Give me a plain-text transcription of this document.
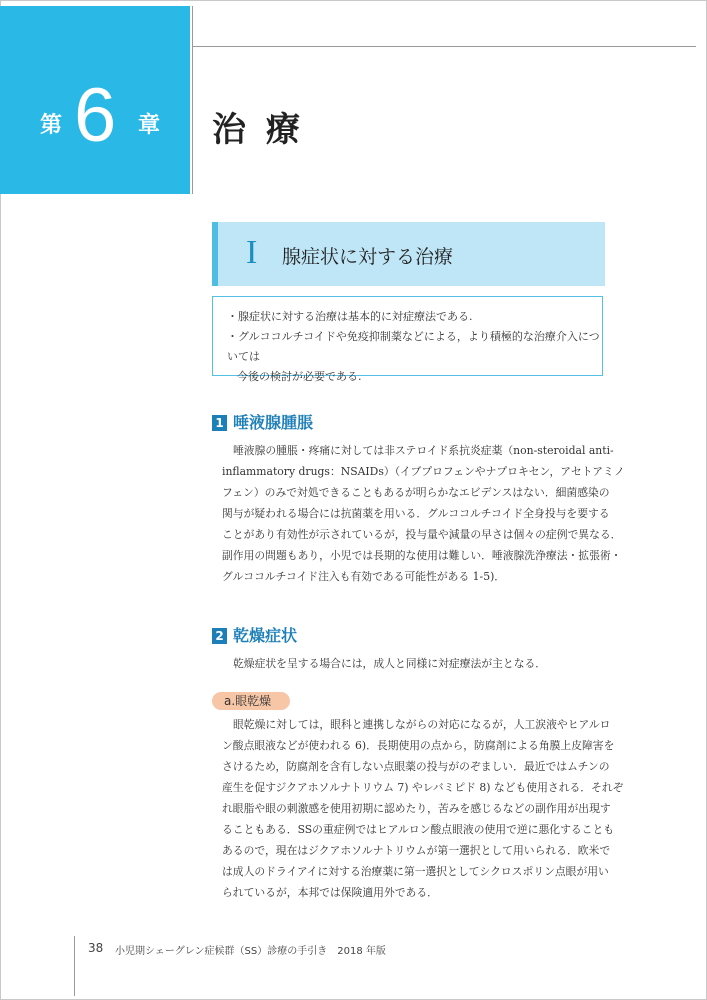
第 6 章 治 療
I 腺症状に対する治療

・腺症状に対する治療は基本的に対症療法である.

・グルココルチコイドや免疫抑制薬などによる，より積極的な治療介入については

今後の検討が必要である.

1 唾液腺腫脹

唾液腺の腫脹・疼痛に対しては非ステロイド系抗炎症薬（non-steroidal anti-

inflammatory drugs：NSAIDs）（イブプロフェンやナプロキセン，アセトアミノ

フェン）のみで対処できることもあるが明らかなエビデンスはない．細菌感染の

関与が疑われる場合には抗菌薬を用いる．グルココルチコイド全身投与を要する

ことがあり有効性が示されているが，投与量や減量の早さは個々の症例で異なる．

副作用の問題もあり，小児では長期的な使用は難しい．唾液腺洗浄療法・拡張術・

グルココルチコイド注入も有効である可能性がある 1-5)．

2 乾燥症状

乾燥症状を呈する場合には，成人と同様に対症療法が主となる．

a.眼乾燥

眼乾燥に対しては，眼科と連携しながらの対応になるが，人工涙液やヒアルロ

ン酸点眼液などが使われる 6)．長期使用の点から，防腐剤による角膜上皮障害を

さけるため，防腐剤を含有しない点眼薬の投与がのぞましい．最近ではムチンの

産生を促すジクアホソルナトリウム 7) やレバミピド 8) なども使用される．それぞ

れ眼脂や眼の刺激感を使用初期に認めたり，苦みを感じるなどの副作用が出現す

ることもある．SSの重症例ではヒアルロン酸点眼液の使用で逆に悪化することも

あるので，現在はジクアホソルナトリウムが第一選択として用いられる．欧米で

は成人のドライアイに対する治療薬に第一選択としてシクロスポリン点眼が用い

られているが，本邦では保険適用外である．

38 小児期シェーグレン症候群（SS）診療の手引き　2018 年版
